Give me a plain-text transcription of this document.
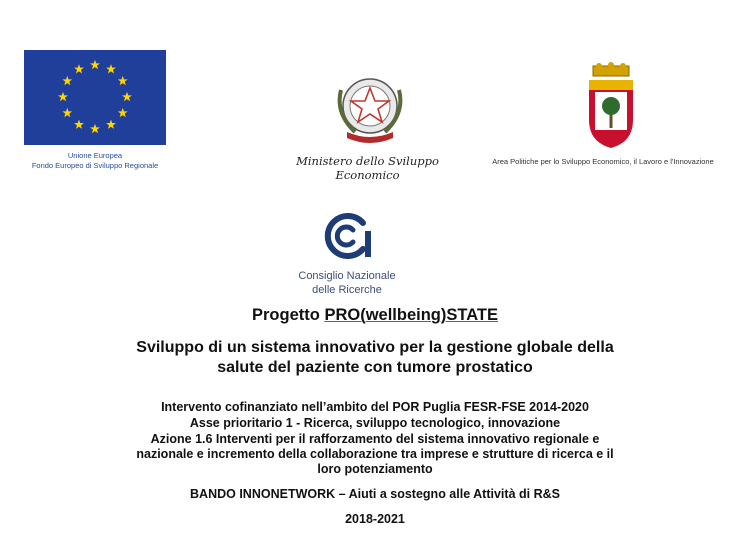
Unione Europea
Fondo Europeo di Sviluppo Regionale	Ministero dello Sviluppo Economico
Area Politiche per lo Sviluppo Economico, il Lavoro e l'Innovazione
Consiglio Nazionale
delle Ricerche
Progetto PRO(wellbeing)STATE
Sviluppo di un sistema innovativo per la gestione globale della
salute del paziente con tumore prostatico
Intervento cofinanziato nell’ambito del POR Puglia FESR-FSE 2014-2020
Asse prioritario 1 - Ricerca, sviluppo tecnologico, innovazione
Azione 1.6 Interventi per il rafforzamento del sistema innovativo regionale e
nazionale e incremento della collaborazione tra imprese e strutture di ricerca e il
loro potenziamento
BANDO INNONETWORK – Aiuti a sostegno alle Attività di R&S
2018-2021
